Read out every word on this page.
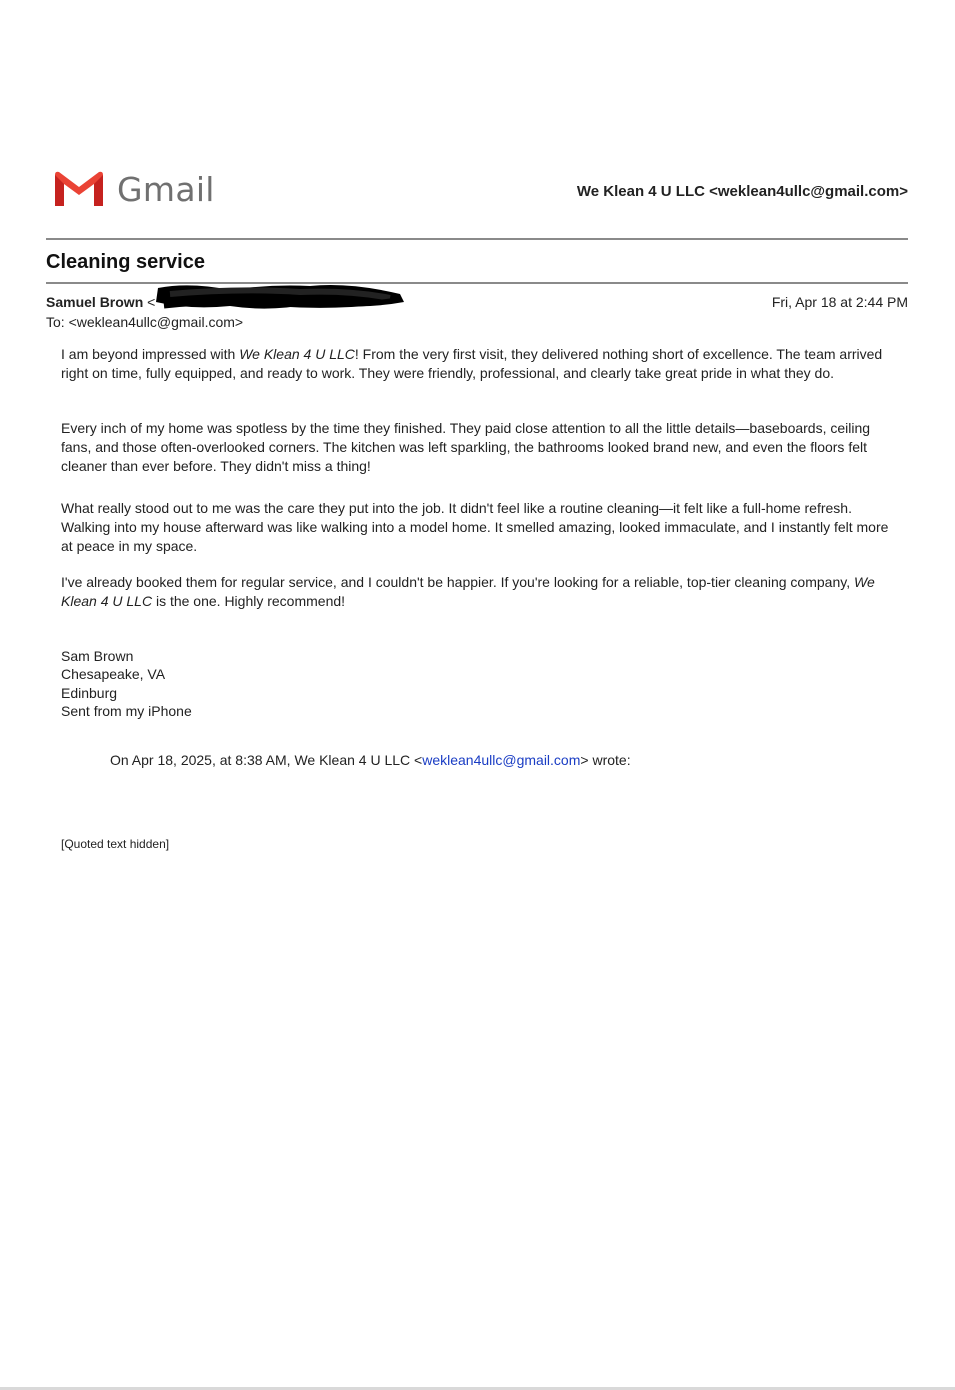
Gmail	We Klean 4 U LLC <weklean4ullc@gmail.com>
Cleaning service
Samuel Brown <	Fri, Apr 18 at 2:44 PM
To: <weklean4ullc@gmail.com>
I am beyond impressed with We Klean 4 U LLC! From the very first visit, they delivered nothing short of excellence. The team arrived right on time, fully equipped, and ready to work. They were friendly, professional, and clearly take great pride in what they do.
Every inch of my home was spotless by the time they finished. They paid close attention to all the little details—baseboards, ceiling fans, and those often-overlooked corners. The kitchen was left sparkling, the bathrooms looked brand new, and even the floors felt cleaner than ever before. They didn't miss a thing!
What really stood out to me was the care they put into the job. It didn't feel like a routine cleaning—it felt like a full-home refresh. Walking into my house afterward was like walking into a model home. It smelled amazing, looked immaculate, and I instantly felt more at peace in my space.
I've already booked them for regular service, and I couldn't be happier. If you're looking for a reliable, top-tier cleaning company, We Klean 4 U LLC is the one. Highly recommend!
Sam Brown
Chesapeake, VA
Edinburg
Sent from my iPhone
On Apr 18, 2025, at 8:38 AM, We Klean 4 U LLC <weklean4ullc@gmail.com> wrote:
[Quoted text hidden]
